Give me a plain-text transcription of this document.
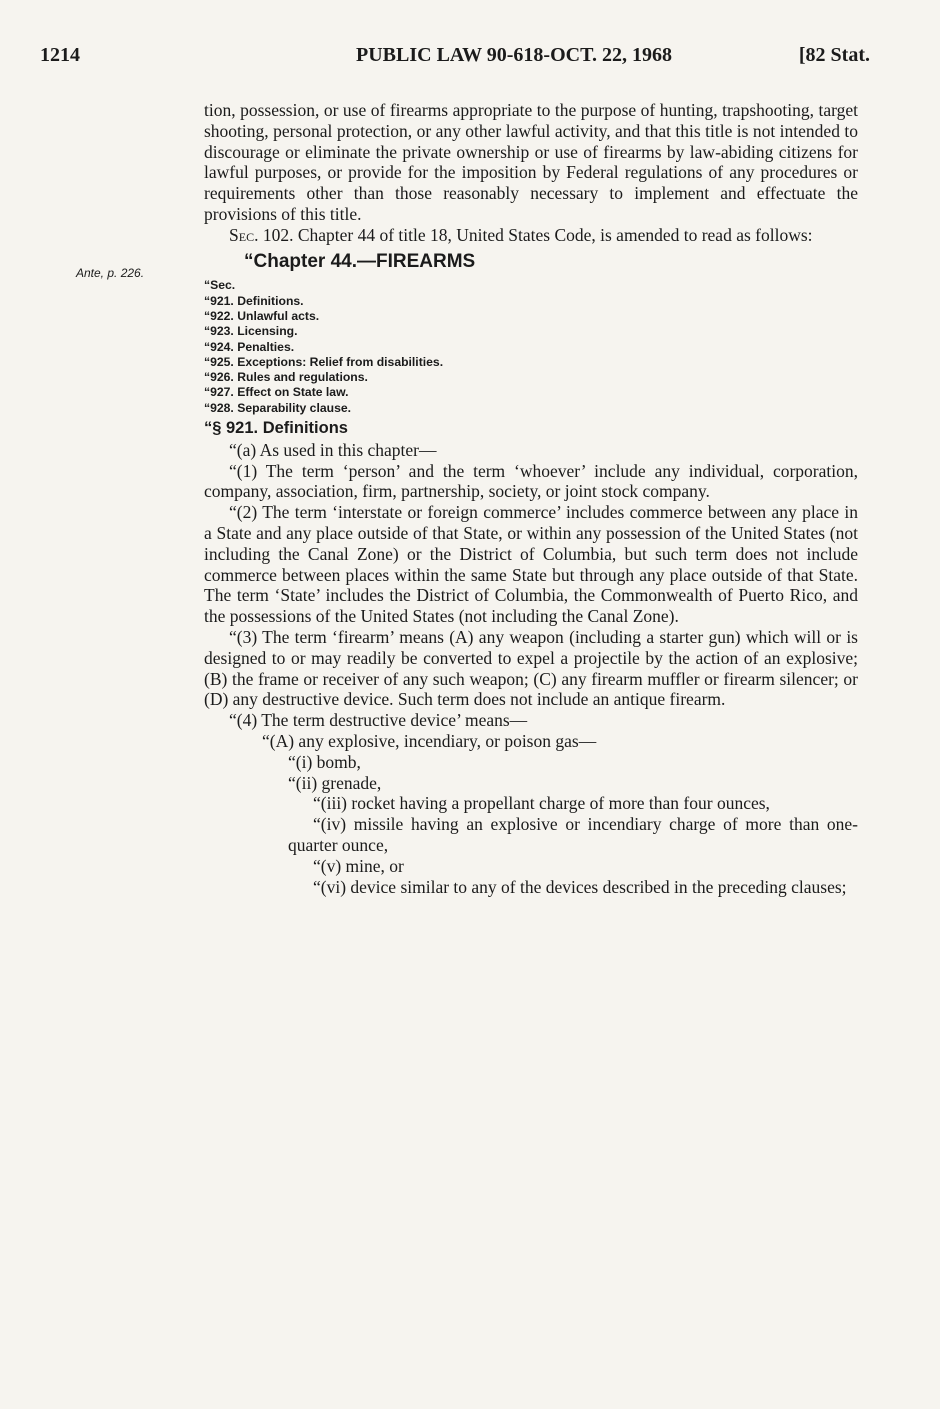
1214	PUBLIC LAW 90-618-OCT. 22, 1968	[82 Stat.
Ante, p. 226.

tion, possession, or use of firearms appropriate to the purpose of hunting, trapshooting, target shooting, personal protection, or any other lawful activity, and that this title is not intended to discourage or eliminate the private ownership or use of firearms by law-abiding citizens for lawful purposes, or provide for the imposition by Federal regulations of any procedures or requirements other than those reasonably necessary to implement and effectuate the provisions of this title.

Sec. 102. Chapter 44 of title 18, United States Code, is amended to read as follows:

“Chapter 44.—FIREARMS

“Sec.
“921. Definitions.
“922. Unlawful acts.
“923. Licensing.
“924. Penalties.
“925. Exceptions: Relief from disabilities.
“926. Rules and regulations.
“927. Effect on State law.
“928. Separability clause.

“§ 921. Definitions

“(a) As used in this chapter—

“(1) The term ‘person’ and the term ‘whoever’ include any individual, corporation, company, association, firm, partnership, society, or joint stock company.

“(2) The term ‘interstate or foreign commerce’ includes commerce between any place in a State and any place outside of that State, or within any possession of the United States (not including the Canal Zone) or the District of Columbia, but such term does not include commerce between places within the same State but through any place outside of that State. The term ‘State’ includes the District of Columbia, the Commonwealth of Puerto Rico, and the possessions of the United States (not including the Canal Zone).

“(3) The term ‘firearm’ means (A) any weapon (including a starter gun) which will or is designed to or may readily be converted to expel a projectile by the action of an explosive; (B) the frame or receiver of any such weapon; (C) any firearm muffler or firearm silencer; or (D) any destructive device. Such term does not include an antique firearm.

“(4) The term destructive device’ means—

“(A) any explosive, incendiary, or poison gas—

“(i) bomb,

“(ii) grenade,

“(iii) rocket having a propellant charge of more than four ounces,

“(iv) missile having an explosive or incendiary charge of more than one-quarter ounce,

“(v) mine, or

“(vi) device similar to any of the devices described in the preceding clauses;
